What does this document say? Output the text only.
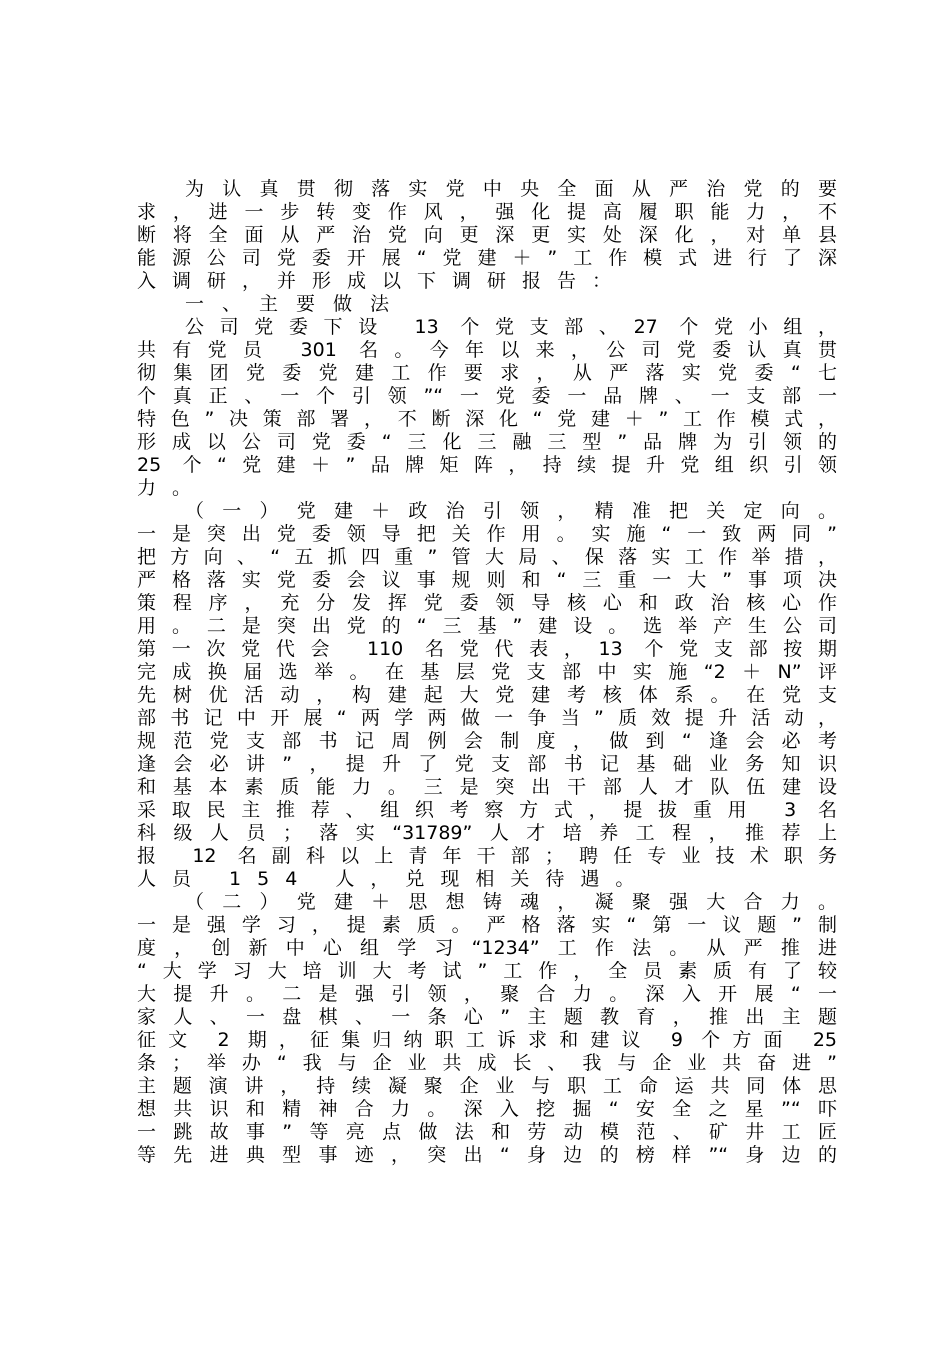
为认真贯彻落实党中央全面从严治党的要
求，进一步转变作风，强化提高履职能力，不
断将全面从严治党向更深更实处深化，对单县
能源公司党委开展“党建＋”工作模式进行了深
入调研，并形成以下调研报告：
一、主要做法
公司党委下设 13 个党支部、27 个党小组，
共有党员 301 名。今年以来，公司党委认真贯
彻集团党委党建工作要求，从严落实党委“七
个真正、一个引领”“一党委一品牌、一支部一
特色”决策部署，不断深化“党建＋”工作模式，
形成以公司党委“三化三融三型”品牌为引领的
25 个“党建＋”品牌矩阵，持续提升党组织引领
力。
（一）党建＋政治引领，精准把关定向。
一是突出党委领导把关作用。实施“一致两同”
把方向、“五抓四重”管大局、保落实工作举措，
严格落实党委会议事规则和“三重一大”事项决
策程序，充分发挥党委领导核心和政治核心作
用。二是突出党的“三基”建设。选举产生公司
第一次党代会 110 名党代表，13 个党支部按期
完成换届选举。在基层党支部中实施“2＋N”评
先树优活动，构建起大党建考核体系。在党支
部书记中开展“两学两做一争当”质效提升活动，
规范党支部书记周例会制度，做到“逢会必考
逢会必讲”，提升了党支部书记基础业务知识
和基本素质能力。三是突出干部人才队伍建设
采取民主推荐、组织考察方式，提拔重用 3 名
科级人员；落实“31789”人才培养工程，推荐上
报 12 名副科以上青年干部；聘任专业技术职务
人员 154 人，兑现相关待遇。
（二）党建＋思想铸魂，凝聚强大合力。
一是强学习，提素质。严格落实“第一议题”制
度，创新中心组学习“1234”工作法。从严推进
“大学习大培训大考试”工作，全员素质有了较
大提升。二是强引领，聚合力。深入开展“一
家人、一盘棋、一条心”主题教育，推出主题
征文 2 期，征集归纳职工诉求和建议 9 个方面 25
条；举办“我与企业共成长、我与企业共奋进”
主题演讲，持续凝聚企业与职工命运共同体思
想共识和精神合力。深入挖掘“安全之星”“吓
一跳故事”等亮点做法和劳动模范、矿井工匠
等先进典型事迹，突出“身边的榜样”“身边的
